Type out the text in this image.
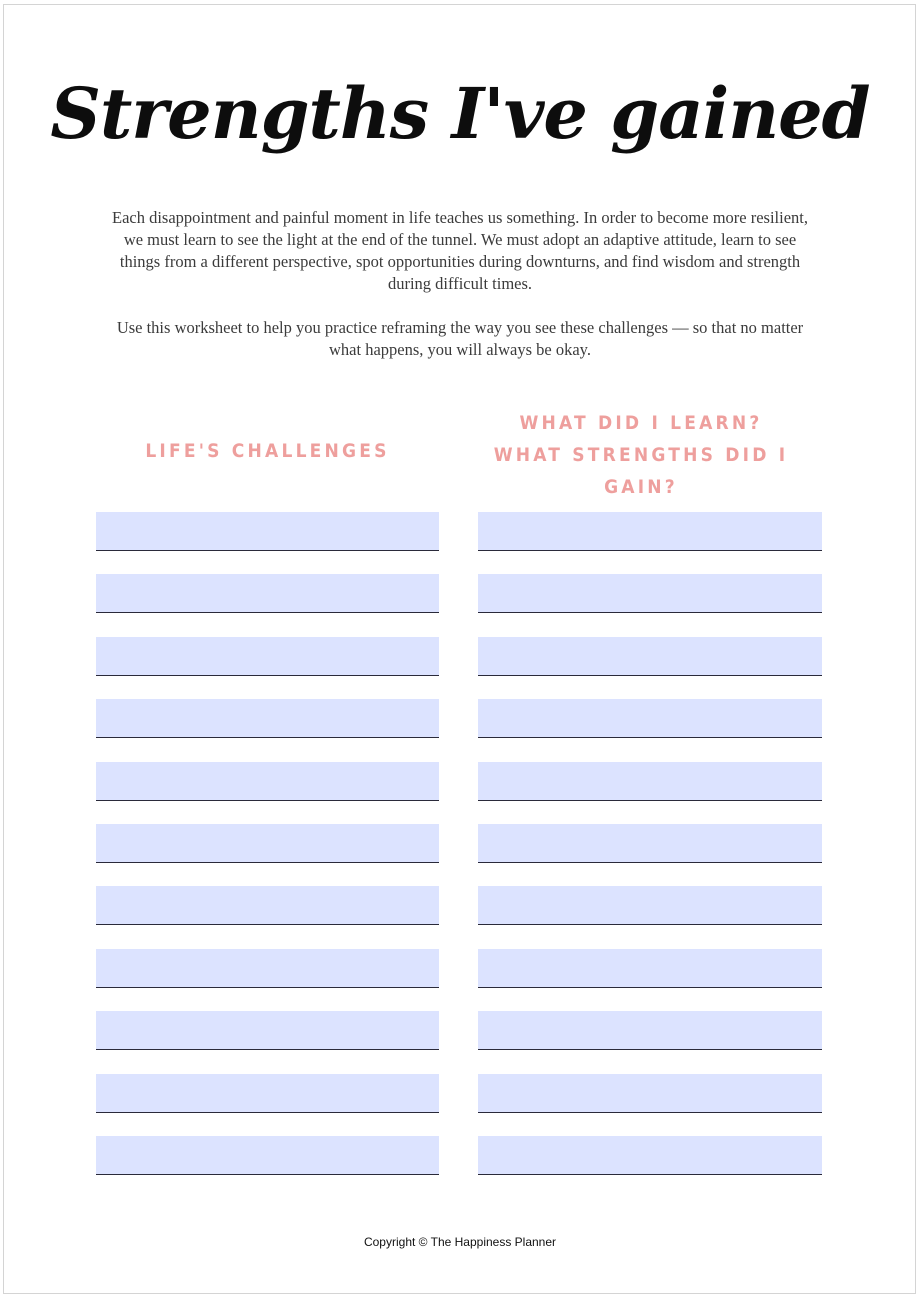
Strengths I've gained
Each disappointment and painful moment in life teaches us something. In order to become more resilient, we must learn to see the light at the end of the tunnel. We must adopt an adaptive attitude, learn to see things from a different perspective, spot opportunities during downturns, and find wisdom and strength during difficult times.
Use this worksheet to help you practice reframing the way you see these challenges — so that no matter what happens, you will always be okay.
LIFE'S CHALLENGES
WHAT DID I LEARN?
WHAT STRENGTHS DID I GAIN?
Copyright © The Happiness Planner
